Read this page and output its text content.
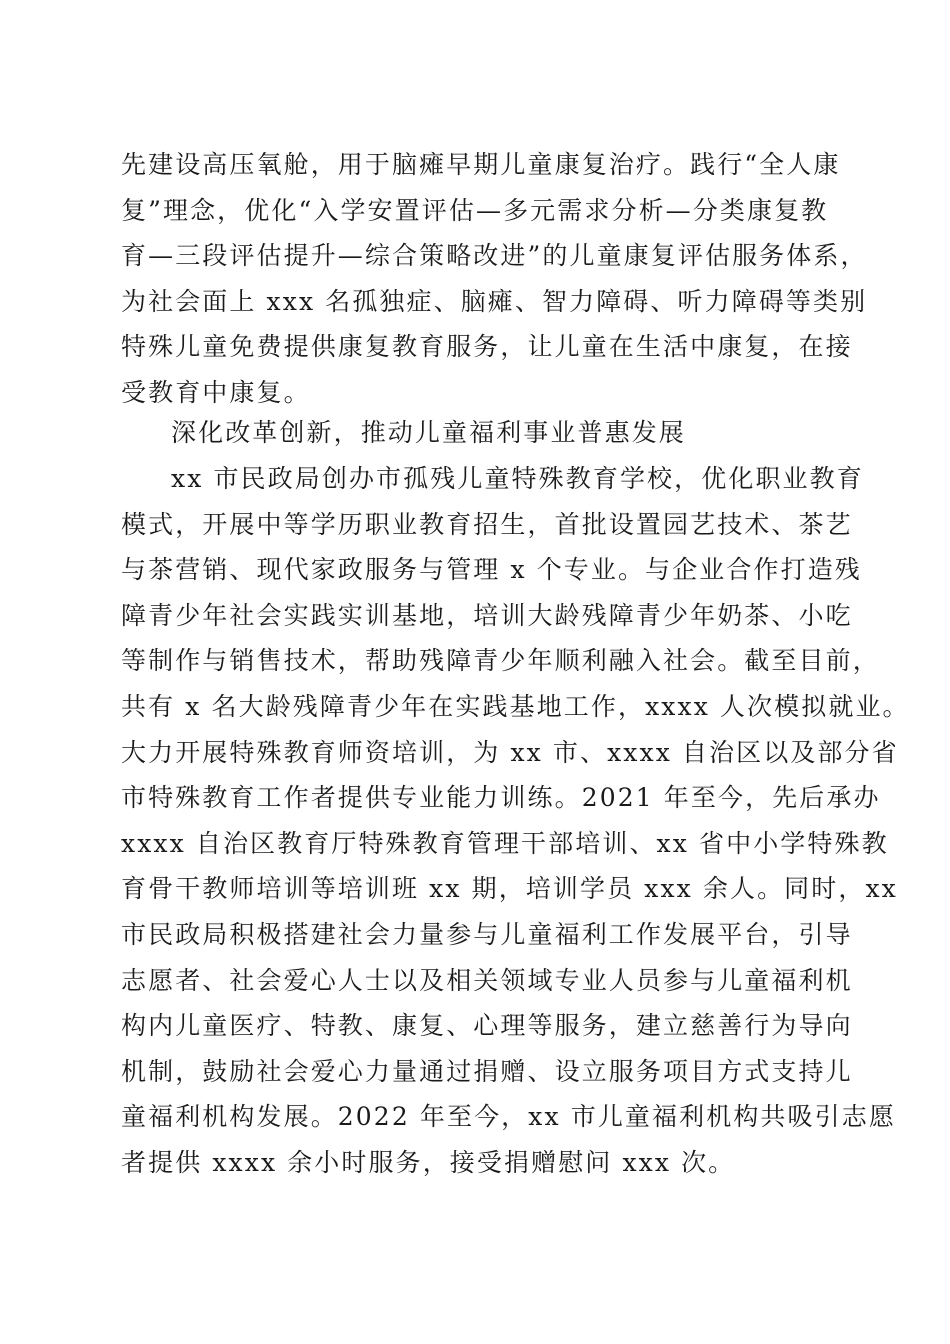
先建设高压氧舱，用于脑瘫早期儿童康复治疗。践行“全人康
复”理念，优化“入学安置评估—多元需求分析—分类康复教
育—三段评估提升—综合策略改进”的儿童康复评估服务体系，
为社会面上 xxx 名孤独症、脑瘫、智力障碍、听力障碍等类别
特殊儿童免费提供康复教育服务，让儿童在生活中康复，在接
受教育中康复。
深化改革创新，推动儿童福利事业普惠发展
xx 市民政局创办市孤残儿童特殊教育学校，优化职业教育
模式，开展中等学历职业教育招生，首批设置园艺技术、茶艺
与茶营销、现代家政服务与管理 x 个专业。与企业合作打造残
障青少年社会实践实训基地，培训大龄残障青少年奶茶、小吃
等制作与销售技术，帮助残障青少年顺利融入社会。截至目前，
共有 x 名大龄残障青少年在实践基地工作，xxxx 人次模拟就业。
大力开展特殊教育师资培训，为 xx 市、xxxx 自治区以及部分省
市特殊教育工作者提供专业能力训练。2021 年至今，先后承办
xxxx 自治区教育厅特殊教育管理干部培训、xx 省中小学特殊教
育骨干教师培训等培训班 xx 期，培训学员 xxx 余人。同时，xx
市民政局积极搭建社会力量参与儿童福利工作发展平台，引导
志愿者、社会爱心人士以及相关领域专业人员参与儿童福利机
构内儿童医疗、特教、康复、心理等服务，建立慈善行为导向
机制，鼓励社会爱心力量通过捐赠、设立服务项目方式支持儿
童福利机构发展。2022 年至今，xx 市儿童福利机构共吸引志愿
者提供 xxxx 余小时服务，接受捐赠慰问 xxx 次。
